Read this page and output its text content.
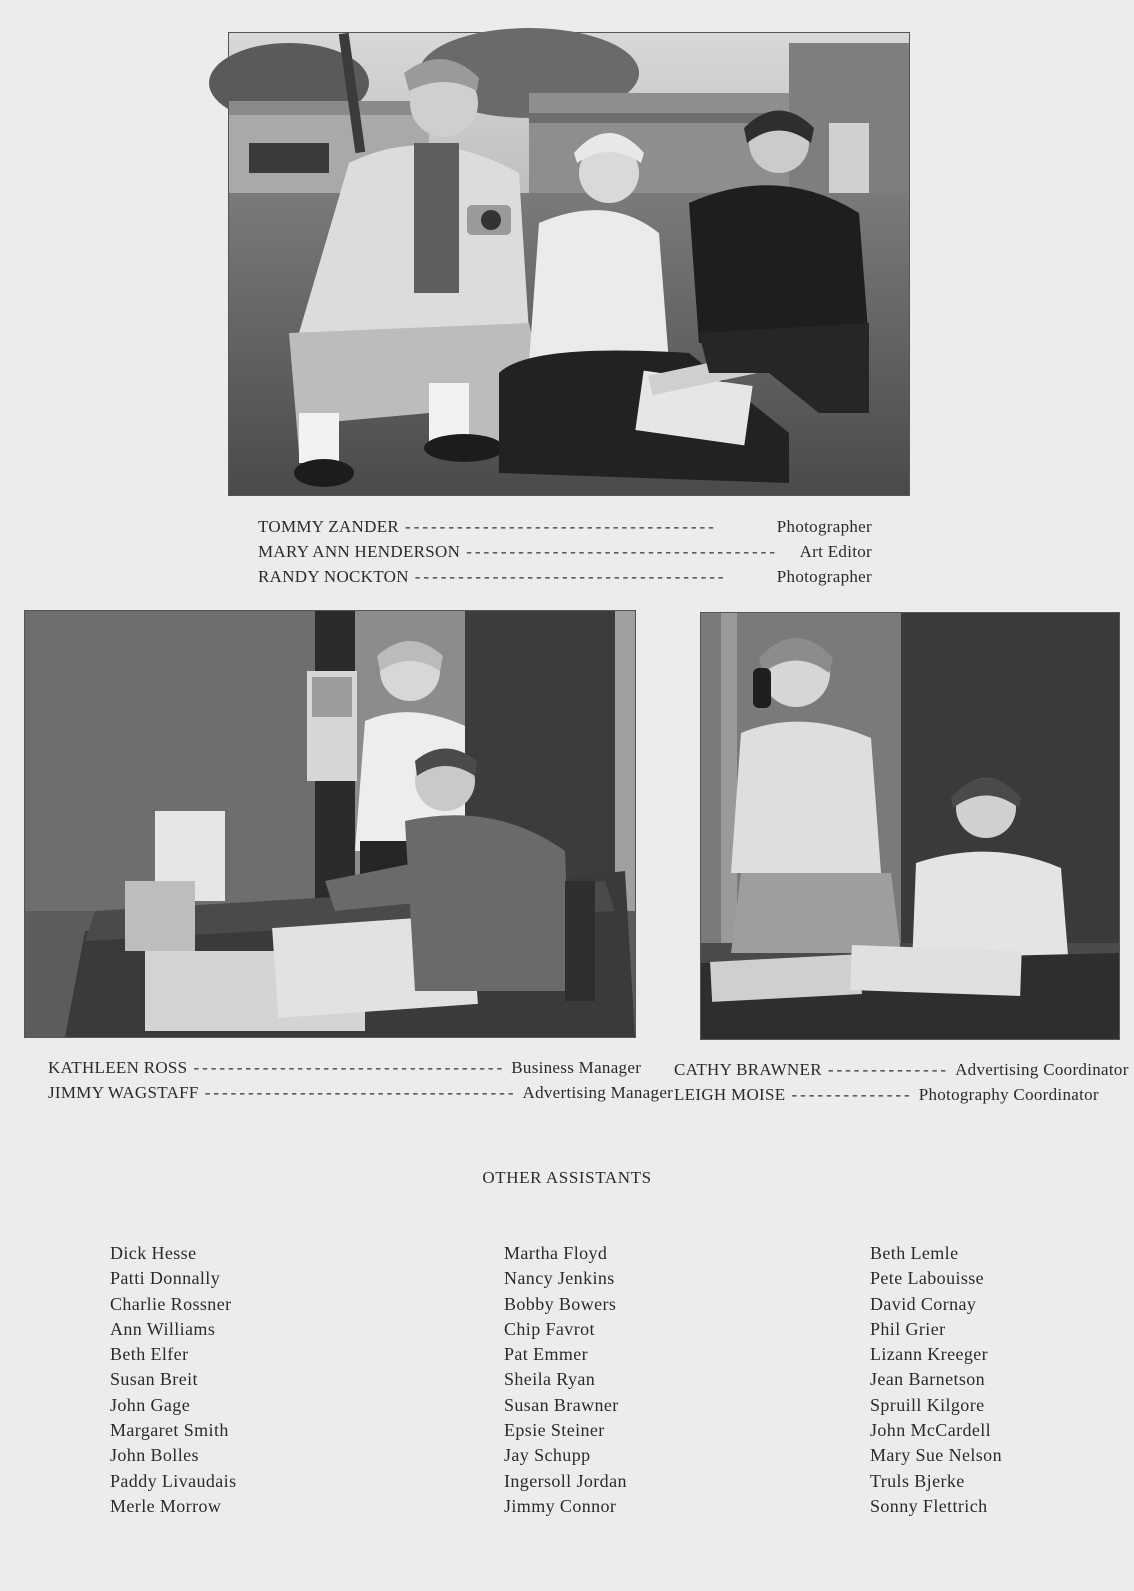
TOMMY ZANDER ------------------------------------	Photographer
MARY ANN HENDERSON ------------------------------------	Art Editor
RANDY NOCKTON ------------------------------------	Photographer
KATHLEEN ROSS ------------------------------------ Business Manager
JIMMY WAGSTAFF ------------------------------------ Advertising Manager
CATHY BRAWNER -------------- Advertising Coordinator
LEIGH MOISE -------------- Photography Coordinator
OTHER ASSISTANTS
Dick Hesse
Patti Donnally
Charlie Rossner
Ann Williams
Beth Elfer
Susan Breit
John Gage
Margaret Smith
John Bolles
Paddy Livaudais
Merle Morrow
Martha Floyd
Nancy Jenkins
Bobby Bowers
Chip Favrot
Pat Emmer
Sheila Ryan
Susan Brawner
Epsie Steiner
Jay Schupp
Ingersoll Jordan
Jimmy Connor
Beth Lemle
Pete Labouisse
David Cornay
Phil Grier
Lizann Kreeger
Jean Barnetson
Spruill Kilgore
John McCardell
Mary Sue Nelson
Truls Bjerke
Sonny Flettrich
